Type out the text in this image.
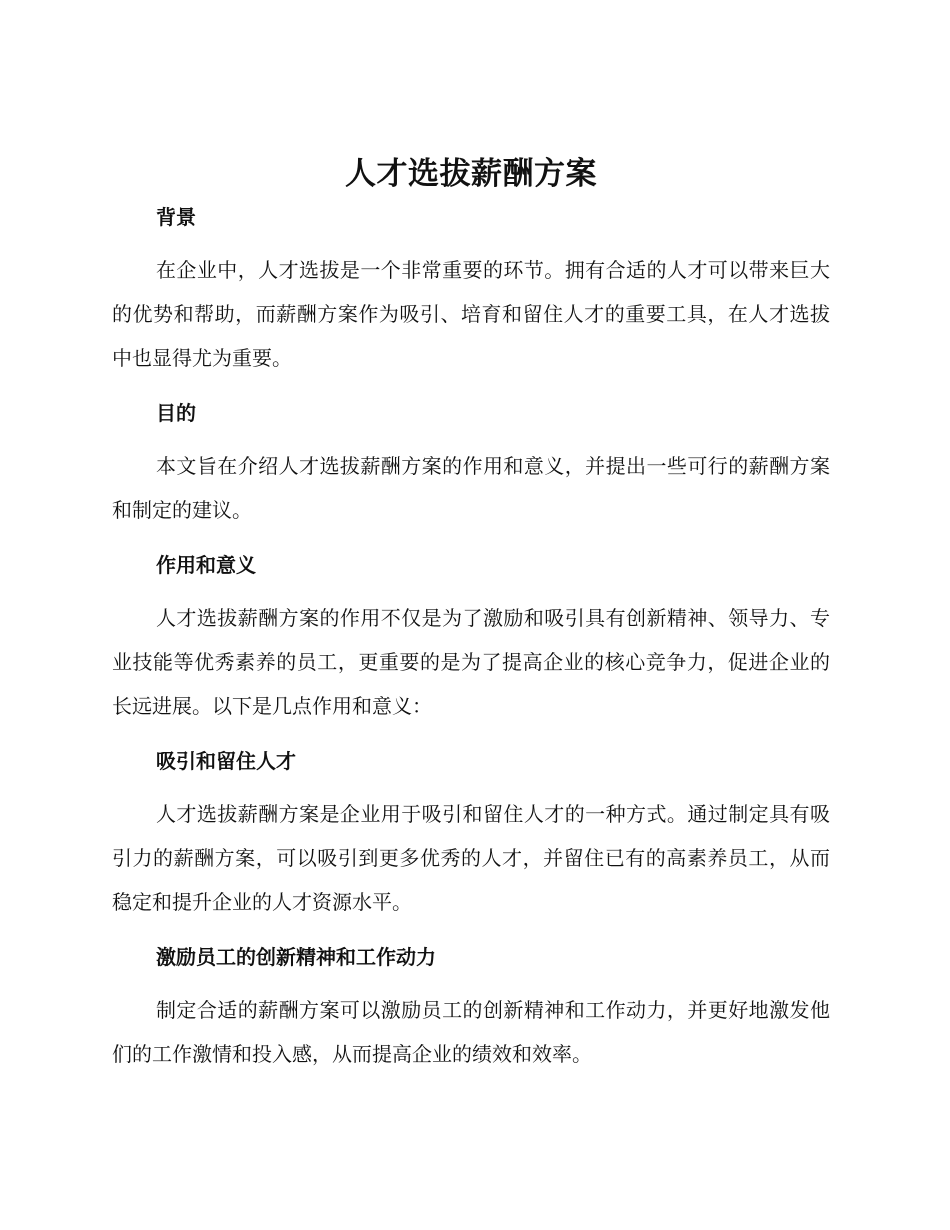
人才选拔薪酬方案

背景

在企业中，人才选拔是一个非常重要的环节。拥有合适的人才可以带来巨大的优势和帮助，而薪酬方案作为吸引、培育和留住人才的重要工具，在人才选拔中也显得尤为重要。

目的

本文旨在介绍人才选拔薪酬方案的作用和意义，并提出一些可行的薪酬方案和制定的建议。

作用和意义

人才选拔薪酬方案的作用不仅是为了激励和吸引具有创新精神、领导力、专业技能等优秀素养的员工，更重要的是为了提高企业的核心竞争力，促进企业的长远进展。以下是几点作用和意义：

吸引和留住人才

人才选拔薪酬方案是企业用于吸引和留住人才的一种方式。通过制定具有吸引力的薪酬方案，可以吸引到更多优秀的人才，并留住已有的高素养员工，从而稳定和提升企业的人才资源水平。

激励员工的创新精神和工作动力

制定合适的薪酬方案可以激励员工的创新精神和工作动力，并更好地激发他们的工作激情和投入感，从而提高企业的绩效和效率。
